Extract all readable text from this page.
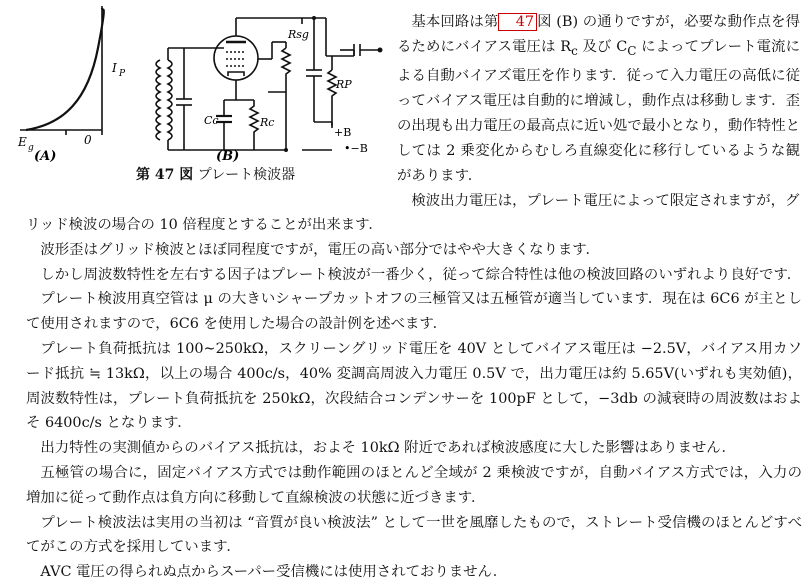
E g
0
I P
(A)	(B)
Rsg
RP
Cc	Rc
+B
•−B
第 47 図 プレート検波器

基本回路は第 47 図 (B) の通りですが，必要な動作点を得るためにバイアス電圧は $R_c$ 及び $C_C$ によってプレート電流による自動バイアズ電圧を作ります．従って入力電圧の高低に従ってバイアス電圧は自動的に増減し，動作点は移動します．歪の出現も出力電圧の最高点に近い処で最小となり，動作特性としては 2 乗変化からむしろ直線変化に移行しているような観があります．

検波出力電圧は，プレート電圧によって限定されますが，グ

リッド検波の場合の 10 倍程度とすることが出来ます．

波形歪はグリッド検波とほぼ同程度ですが，電圧の高い部分ではやや大きくなります．

しかし周波数特性を左右する因子はプレート検波が一番少く，従って綜合特性は他の検波回路のいずれより良好です．

プレート検波用真空管は μ の大きいシャープカットオフの三極管又は五極管が適当しています．現在は 6C6 が主として使用されますので，6C6 を使用した場合の設計例を述べます．

プレート負荷抵抗は 100∼250kΩ，スクリーングリッド電圧を 40V としてバイアス電圧は −2.5V，バイアス用カソード抵抗 ≒ 13kΩ，以上の場合 400c/s，40% 変調高周波入力電圧 0.5V で，出力電圧は約 5.65V(いずれも実効値)，周波数特性は，プレート負荷抵抗を 250kΩ，次段結合コンデンサーを 100pF として，−3db の減衰時の周波数はおよそ 6400c/s となります．

出力特性の実測値からのバイアス抵抗は，およそ 10kΩ 附近であれば検波感度に大した影響はありません．

五極管の場合に，固定バイアス方式では動作範囲のほとんど全域が 2 乗検波ですが，自動バイアス方式では，入力の増加に従って動作点は負方向に移動して直線検波の状態に近づきます．

プレート検波法は実用の当初は “音質が良い検波法” として一世を風靡したもので，ストレート受信機のほとんどすべてがこの方式を採用しています．

AVC 電圧の得られぬ点からスーパー受信機には使用されておりません．
